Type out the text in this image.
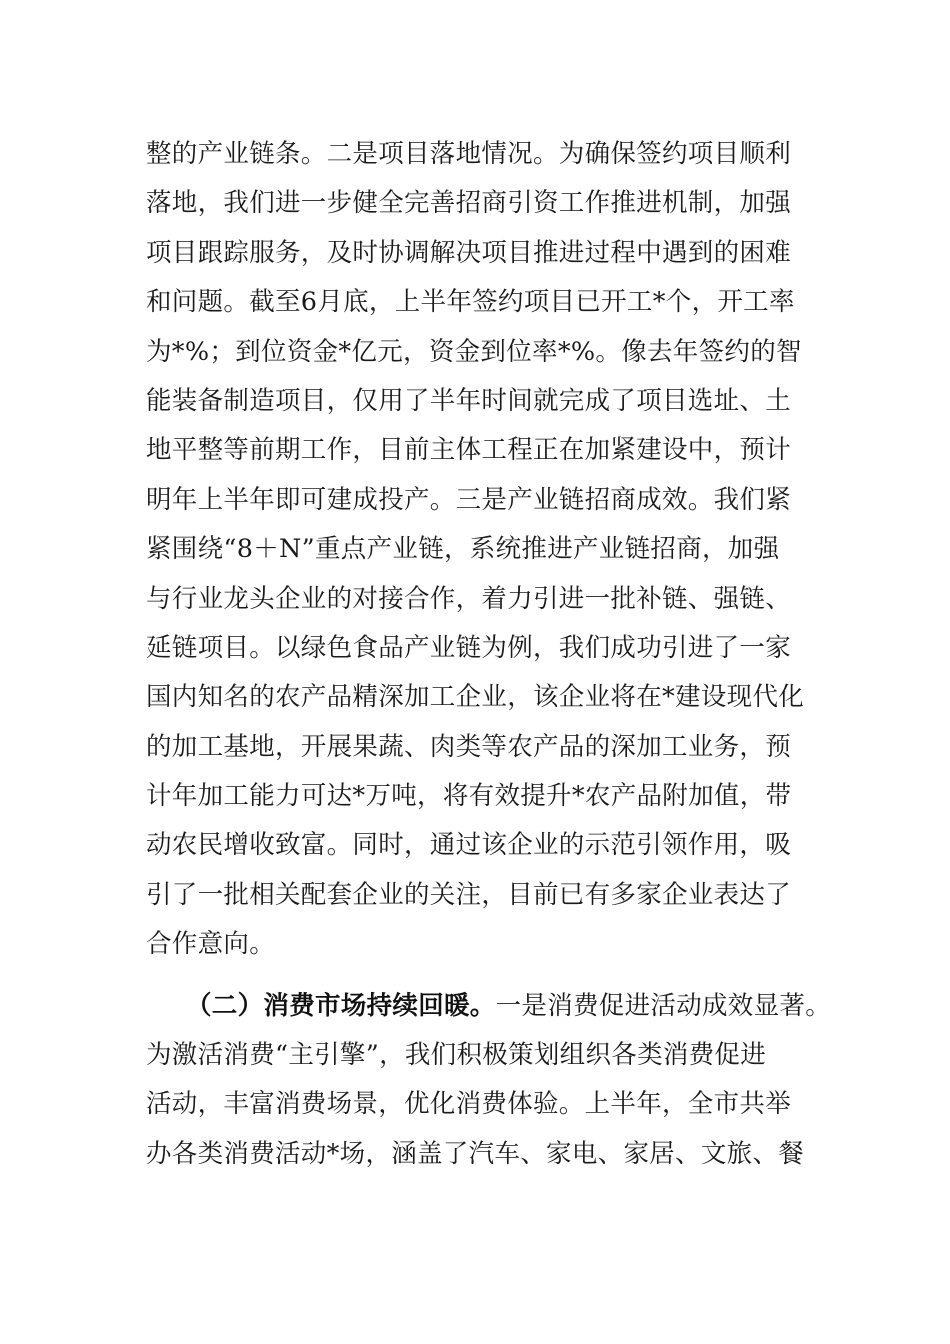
整的产业链条。二是项目落地情况。为确保签约项目顺利
落地，我们进一步健全完善招商引资工作推进机制，加强
项目跟踪服务，及时协调解决项目推进过程中遇到的困难
和问题。截至6月底，上半年签约项目已开工*个，开工率
为*%；到位资金*亿元，资金到位率*%。像去年签约的智
能装备制造项目，仅用了半年时间就完成了项目选址、土
地平整等前期工作，目前主体工程正在加紧建设中，预计
明年上半年即可建成投产。三是产业链招商成效。我们紧
紧围绕“8＋N”重点产业链，系统推进产业链招商，加强
与行业龙头企业的对接合作，着力引进一批补链、强链、
延链项目。以绿色食品产业链为例，我们成功引进了一家
国内知名的农产品精深加工企业，该企业将在*建设现代化
的加工基地，开展果蔬、肉类等农产品的深加工业务，预
计年加工能力可达*万吨，将有效提升*农产品附加值，带
动农民增收致富。同时，通过该企业的示范引领作用，吸
引了一批相关配套企业的关注，目前已有多家企业表达了
合作意向。
（二）消费市场持续回暖。一是消费促进活动成效显著。
为激活消费“主引擎”，我们积极策划组织各类消费促进
活动，丰富消费场景，优化消费体验。上半年，全市共举
办各类消费活动*场，涵盖了汽车、家电、家居、文旅、餐
